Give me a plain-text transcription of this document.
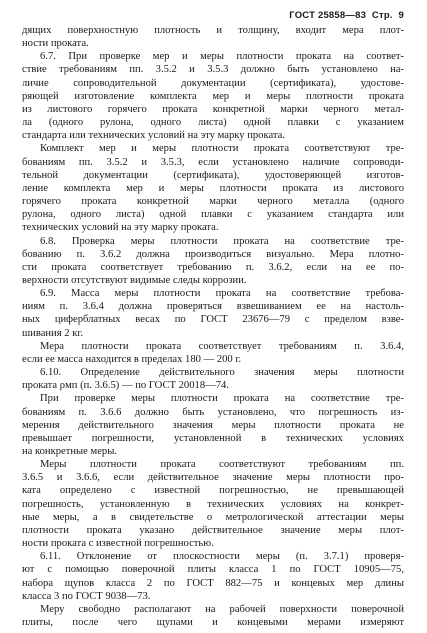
ГОСТ 25858—83 Стр. 9
дящих поверхностную плотность и толщину, входит мера плот-
ности проката.
6.7. При проверке мер и меры плотности проката на соответ-
ствие требованиям пп. 3.5.2 и 3.5.3 должно быть установлено на-
личие сопроводительной документации (сертификата), удостове-
ряющей изготовление комплекта мер и меры плотности проката
из листового горячего проката конкретной марки черного метал-
ла (одного рулона, одного листа) одной плавки с указанием
стандарта или технических условий на эту марку проката.
Комплект мер и меры плотности проката соответствуют тре-
бованиям пп. 3.5.2 и 3.5.3, если установлено наличие сопроводи-
тельной документации (сертификата), удостоверяющей изготов-
ление комплекта мер и меры плотности проката из листового
горячего проката конкретной марки черного металла (одного
рулона, одного листа) одной плавки с указанием стандарта или
технических условий на эту марку проката.
6.8. Проверка меры плотности проката на соответствие тре-
бованию п. 3.6.2 должна производиться визуально. Мера плотно-
сти проката соответствует требованию п. 3.6.2, если на ее по-
верхности отсутствуют видимые следы коррозии.
6.9. Масса меры плотности проката на соответствие требова-
ниям п. 3.6.4 должна проверяться взвешиванием ее на настоль-
ных циферблатных весах по ГОСТ 23676—79 с пределом взве-
шивания 2 кг.
Мера плотности проката соответствует требованиям п. 3.6.4,
если ее масса находится в пределах 180 — 200 г.
6.10. Определение действительного значения меры плотности
проката ρмп (п. 3.6.5) — по ГОСТ 20018—74.
При проверке меры плотности проката на соответствие тре-
бованиям п. 3.6.6 должно быть установлено, что погрешность из-
мерения действительного значения меры плотности проката не
превышает погрешности, установленной в технических условиях
на конкретные меры.
Меры плотности проката соответствуют требованиям пп.
3.6.5 и 3.6.6, если действительное значение меры плотности про-
ката определено с известной погрешностью, не превышающей
погрешность, установленную в технических условиях на конкрет-
ные меры, а в свидетельстве о метрологической аттестации меры
плотности проката указано действительное значение меры плот-
ности проката с известной погрешностью.
6.11. Отклонение от плоскостности меры (п. 3.7.1) проверя-
ют с помощью поверочной плиты класса 1 по ГОСТ 10905—75,
набора щупов класса 2 по ГОСТ 882—75 и концевых мер длины
класса 3 по ГОСТ 9038—73.
Меру свободно располагают на рабочей поверхности поверочной
плиты, после чего щупами и концевыми мерами измеряют
